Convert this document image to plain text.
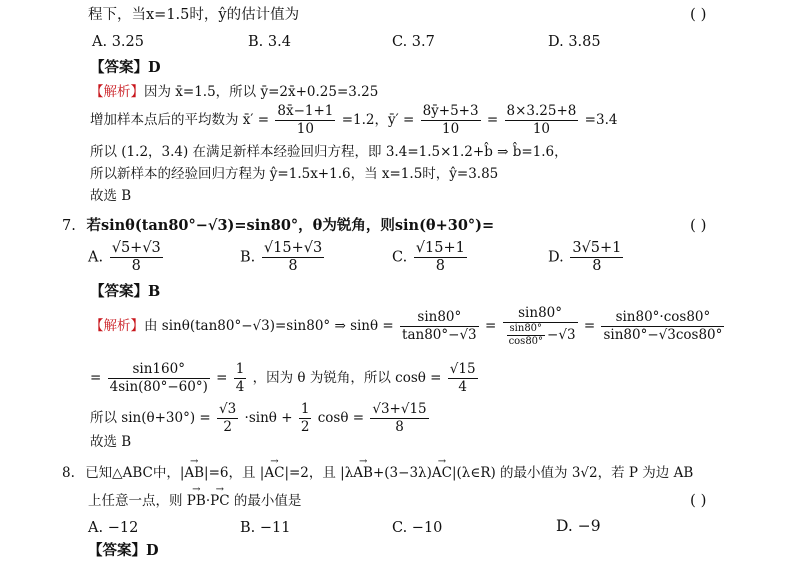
程下，当x=1.5时，ŷ的估计值为	( )
A. 3.25	B. 3.4	C. 3.7	D. 3.85
【答案】D
【解析】因为 x̄=1.5，所以 ȳ=2x̄+0.25=3.25
增加样本点后的平均数为 x̄′ = $\frac{8x̄-1+1}{10} =1.2$，ȳ′ = $\frac{8ȳ+5+3}{10} = \frac{8\times 3.25+8}{10} =3.4$
所以 (1.2，3.4) 在满足新样本经验回归方程，即 3.4=1.5×1.2+b̂ ⇒ b̂=1.6，
所以新样本的经验回归方程为 ŷ=1.5x+1.6，当 x=1.5时，ŷ=3.85
故选 B
7. 若sinθ(tan80°−√3)=sin80°，θ为锐角，则sin(θ+30°)=	( )
A. $\frac{√5+√3}{8}$	B. $\frac{√15+√3}{8}$	C. $\frac{√15+1}{8}$	D. $\frac{3√5+1}{8}$
【答案】B
【解析】由 sinθ(tan80°−√3)=sin80° ⇒ $\sin\theta = \frac{\sin 80^\circ}{\tan 80^\circ-√3} = \frac{\sin 80^\circ}{\frac{\sin 80^\circ}{\cos 80^\circ} -√3} = \frac{\sin 80^\circ\cdot\cos 80^\circ}{\sin 80^\circ-√3\cos 80^\circ}$
= $\frac{\sin 160^\circ}{4\sin(80^\circ-60^\circ)} = \frac{1}{4}$ ，因为 θ 为锐角，所以 $\cos\theta = \frac{√15}{4}$
所以 $\sin(\theta+30^\circ) = \frac{√3}{2} \cdot\sin\theta + \frac{1}{2}$ $\cos\theta = \frac{√3+√15}{8}$
故选 B
8. 已知△ABC中，|→ AB|=6，且 |→ AC|=2，且 |λ→ AB+(3−3λ)→ AC|(λ∈R) 的最小值为 3√2，若 P 为边 AB
上任意一点，则 → PB·→ PC 的最小值是	( )
A. −12	B. −11	C. −10	D. −9
【答案】D
